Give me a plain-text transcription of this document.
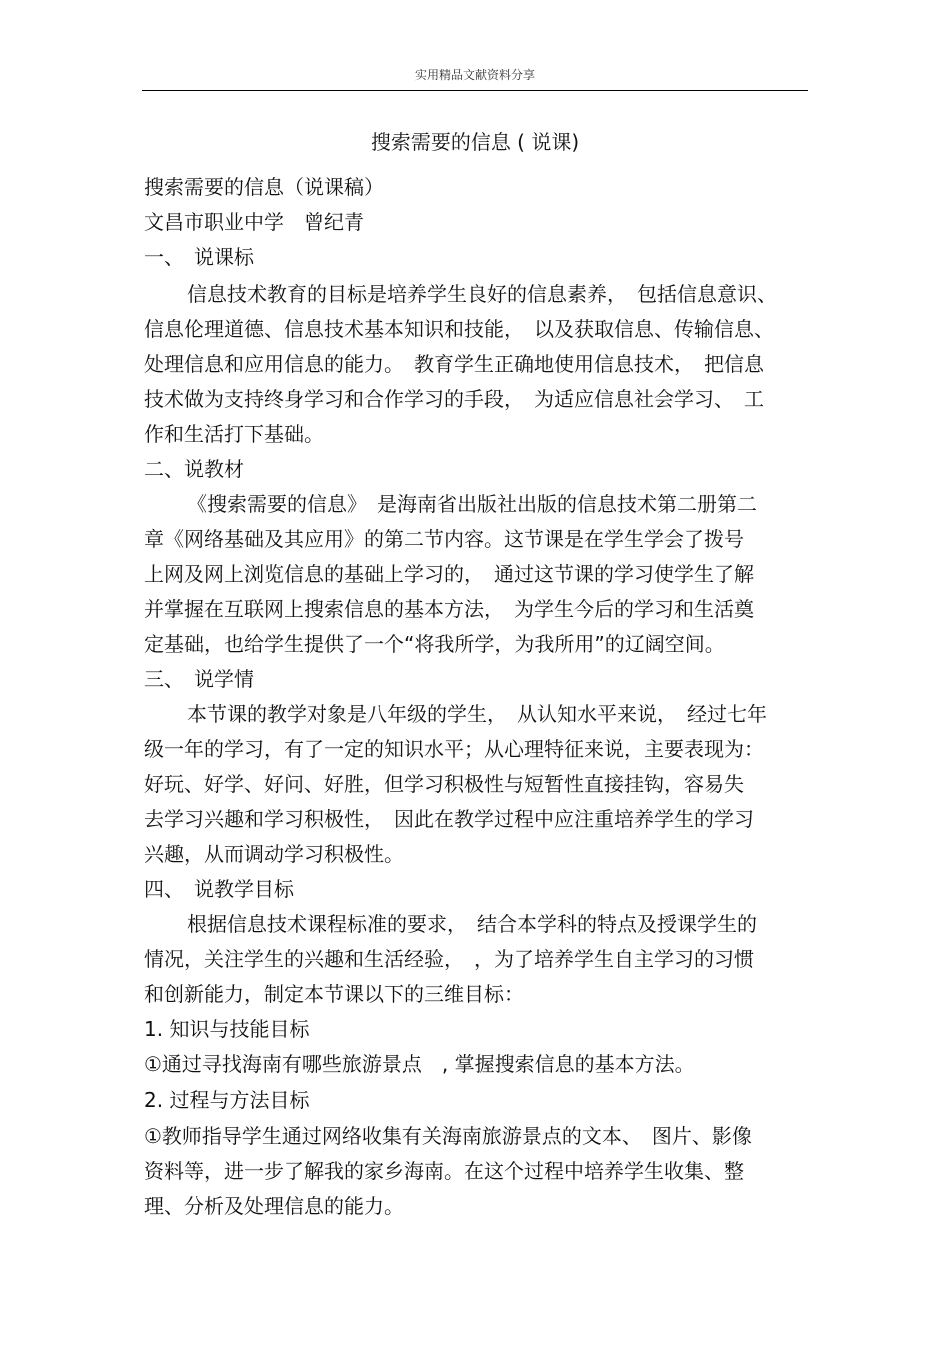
实用精品文献资料分享
搜索需要的信息 ( 说课)
搜索需要的信息（说课稿）
文昌市职业中学　曾纪青
一、　说课标
信息技术教育的目标是培养学生良好的信息素养，　包括信息意识、
信息伦理道德、信息技术基本知识和技能，　以及获取信息、传输信息、
处理信息和应用信息的能力。　教育学生正确地使用信息技术，　把信息
技术做为支持终身学习和合作学习的手段，　为适应信息社会学习、　工
作和生活打下基础。
二、说教材
《搜索需要的信息》　是海南省出版社出版的信息技术第二册第二
章《网络基础及其应用》的第二节内容。这节课是在学生学会了拨号
上网及网上浏览信息的基础上学习的，　通过这节课的学习使学生了解
并掌握在互联网上搜索信息的基本方法，　为学生今后的学习和生活奠
定基础，也给学生提供了一个“将我所学，为我所用”的辽阔空间。
三、　说学情
本节课的教学对象是八年级的学生，　从认知水平来说，　经过七年
级一年的学习，有了一定的知识水平；从心理特征来说，主要表现为：
好玩、好学、好问、好胜，但学习积极性与短暂性直接挂钩，容易失
去学习兴趣和学习积极性，　因此在教学过程中应注重培养学生的学习
兴趣，从而调动学习积极性。
四、　说教学目标
根据信息技术课程标准的要求，　结合本学科的特点及授课学生的
情况，关注学生的兴趣和生活经验，　，为了培养学生自主学习的习惯
和创新能力，制定本节课以下的三维目标：
1. 知识与技能目标
①通过寻找海南有哪些旅游景点　, 掌握搜索信息的基本方法。
2. 过程与方法目标
①教师指导学生通过网络收集有关海南旅游景点的文本、　图片、影像
资料等，进一步了解我的家乡海南。在这个过程中培养学生收集、整
理、分析及处理信息的能力。
